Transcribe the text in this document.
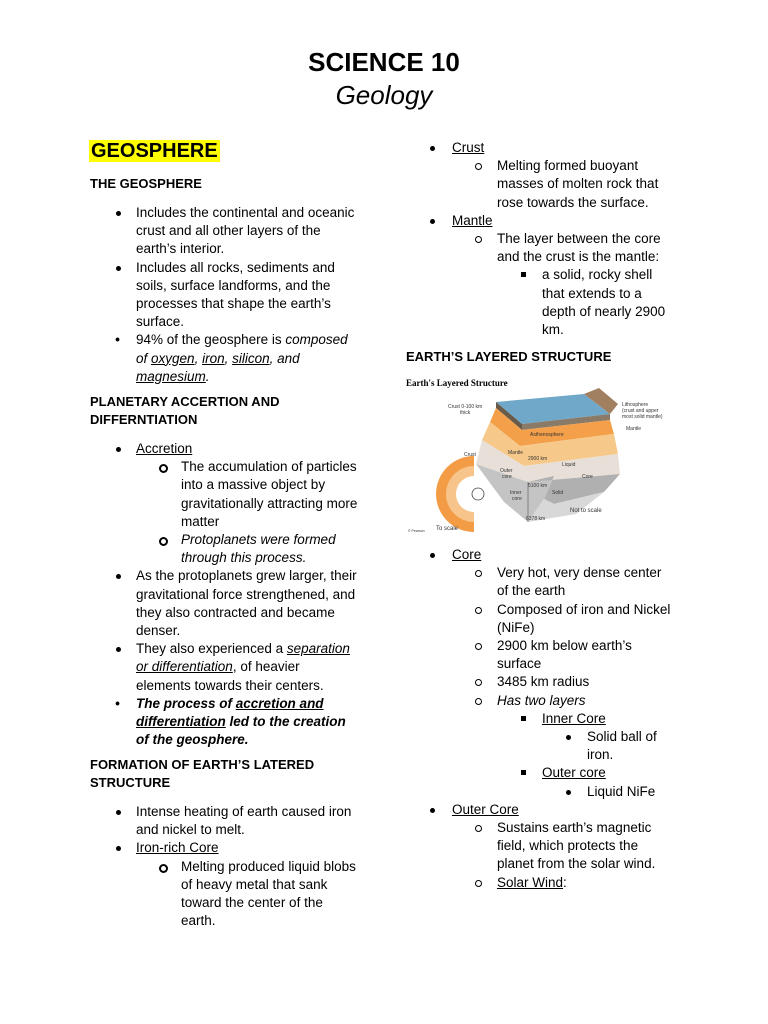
SCIENCE 10
Geology
GEOSPHERE
THE GEOSPHERE
Includes the continental and oceanic
crust and all other layers of the
earth’s interior.
Includes all rocks, sediments and
soils, surface landforms, and the
processes that shape the earth’s
surface.
• 94% of the geosphere is composed
of oxygen, iron, silicon, and
magnesium.
PLANETARY ACCERTION AND
DIFFERNTIATION
Accretion
The accumulation of particles
into a massive object by
gravitationally attracting more
matter
Protoplanets were formed
through this process.
As the protoplanets grew larger, their
gravitational force strengthened, and
they also contracted and became
denser.
They also experienced a separation
or differentiation, of heavier
elements towards their centers.
• The process of accretion and
differentiation led to the creation
of the geosphere.
FORMATION OF EARTH’S LATERED
STRUCTURE
Intense heating of earth caused iron
and nickel to melt.
Iron-rich Core
Melting produced liquid blobs
of heavy metal that sank
toward the center of the
earth.
Crust
Melting formed buoyant
masses of molten rock that
rose towards the surface.
Mantle
The layer between the core
and the crust is the mantle:
a solid, rocky shell
that extends to a
depth of nearly 2900
km.
EARTH’S LAYERED STRUCTURE
Earth's Layered Structure
Crust 0-100 km
thick
Lithosphere
(crust and upper
most solid mantle)
Asthenosphere
Mantle
Mantle
Crust
Outer
core
Inner
core
Liquid
Solid
Core
2900 km
5100 km
6378 km
© Pearson
Not to scale
To scale
Core
Very hot, very dense center
of the earth
Composed of iron and Nickel
(NiFe)
2900 km below earth’s
surface
3485 km radius
Has two layers
Inner Core
Solid ball of
iron.
Outer core
Liquid NiFe
Outer Core
Sustains earth’s magnetic
field, which protects the
planet from the solar wind.
Solar Wind:
